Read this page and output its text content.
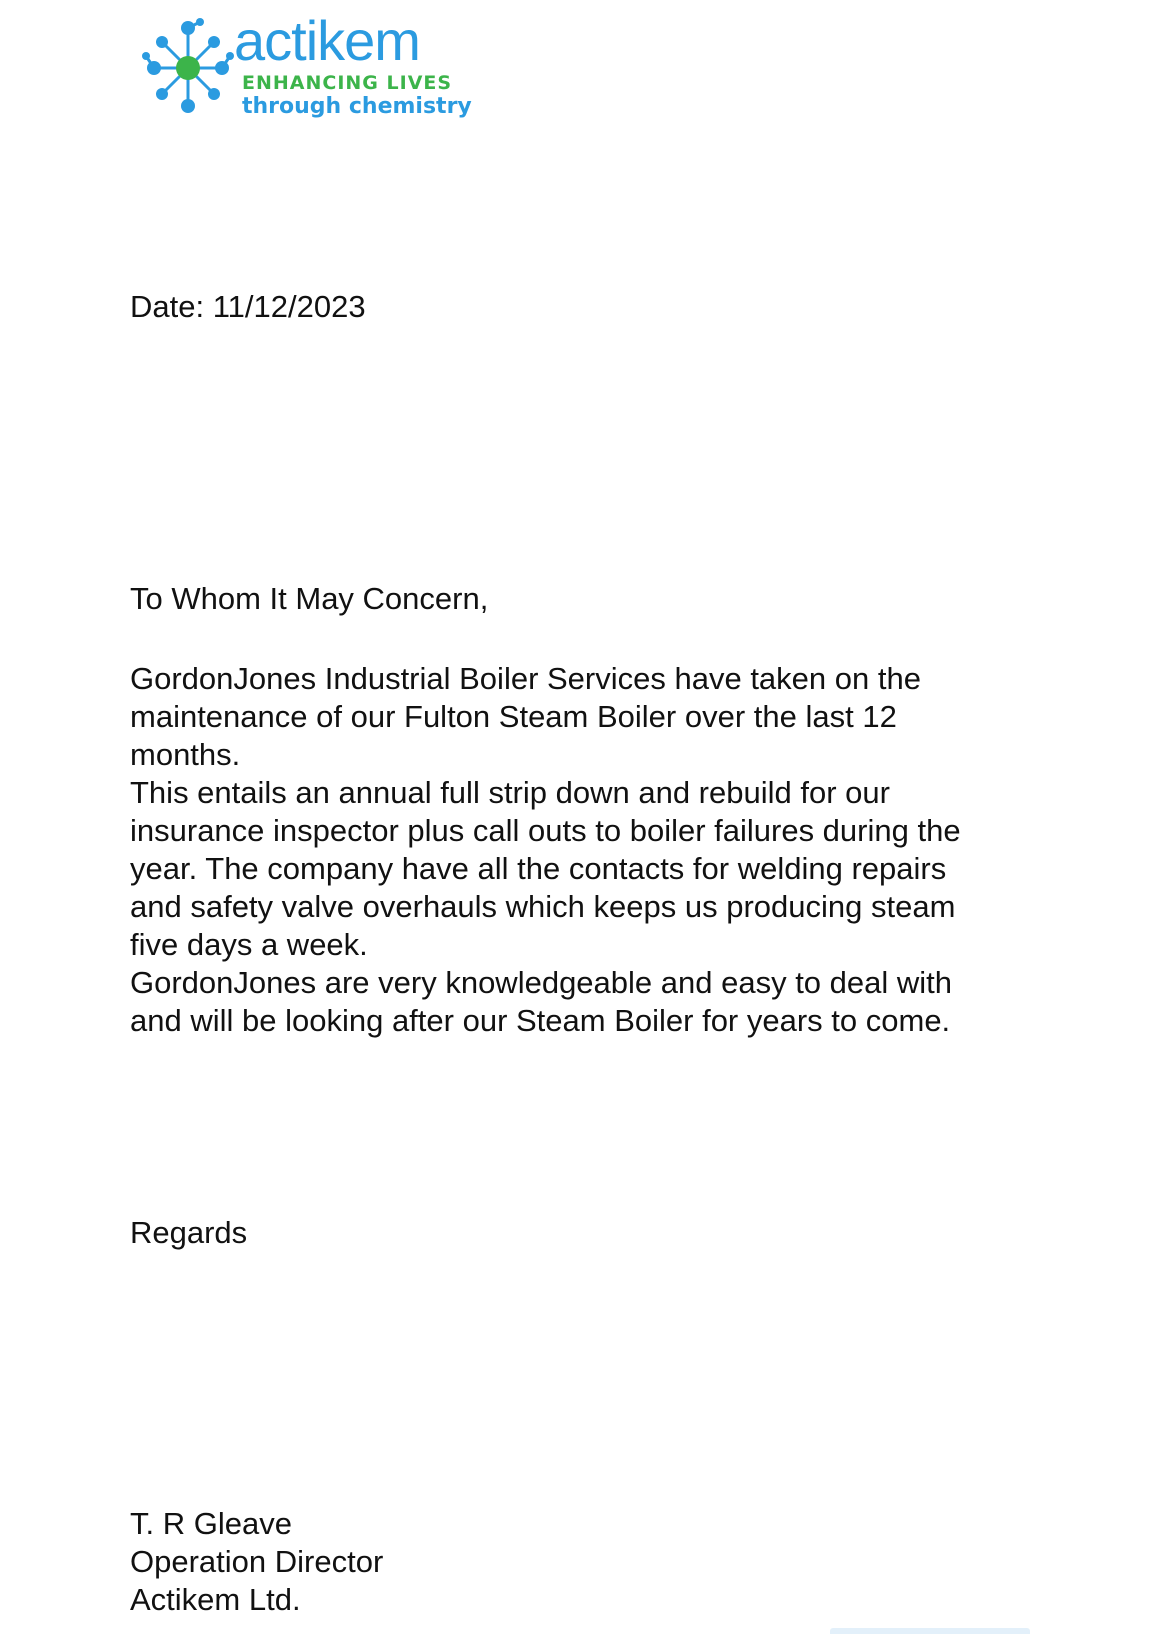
actikem
ENHANCING LIVES
through chemistry
Date: 11/12/2023
To Whom It May Concern,
GordonJones Industrial Boiler Services have taken on the
maintenance of our Fulton Steam Boiler over the last 12
months.
This entails an annual full strip down and rebuild for our
insurance inspector plus call outs to boiler failures during the
year. The company have all the contacts for welding repairs
and safety valve overhauls which keeps us producing steam
five days a week.
GordonJones are very knowledgeable and easy to deal with
and will be looking after our Steam Boiler for years to come.
Regards
T. R Gleave
Operation Director
Actikem Ltd.
